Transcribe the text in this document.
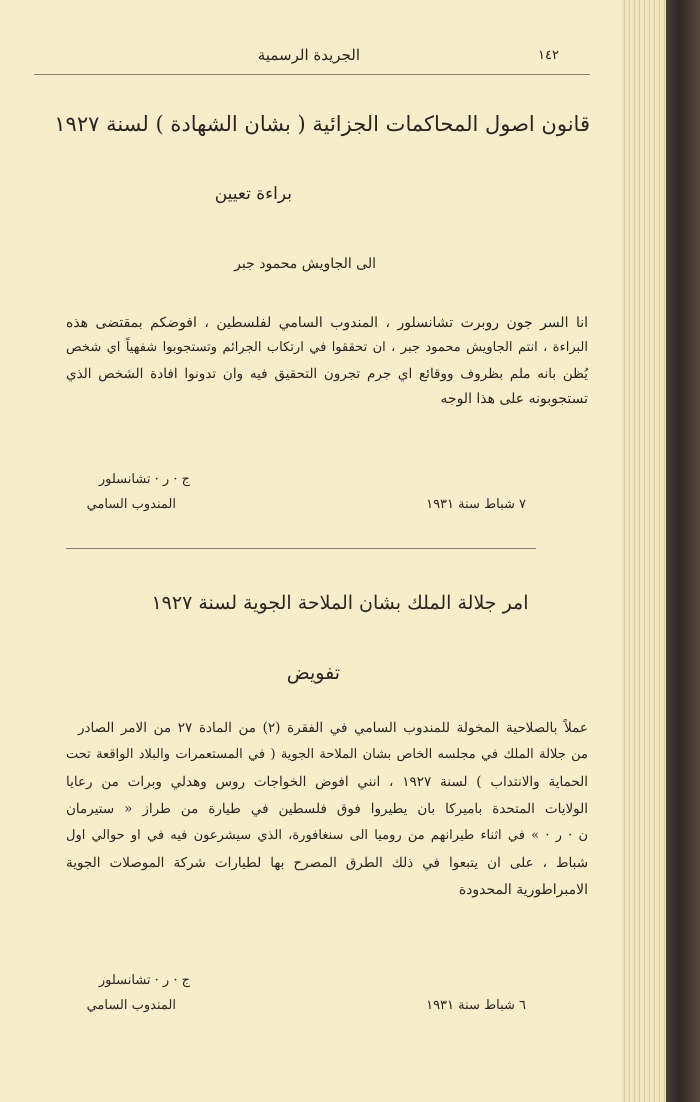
الجريدة الرسمية	١٤٢
قانون اصول المحاكمات الجزائية ( بشان الشهادة ) لسنة ١٩٢٧
براءة تعيين
الى الجاويش محمود جبر
انا السر جون روبرت تشانسلور ، المندوب السامي لفلسطين ، افوضكم بمقتضى هذه
البراءة ، انتم الجاويش محمود جبر ، ان تحققوا في ارتكاب الجرائم وتستجوبوا شفهياً اي شخص
يُظن بانه ملم بظروف ووقائع اي جرم تجرون التحقيق فيه وان تدونوا افادة الشخص الذي
تستجوبونه على هذا الوجه
ج · ر · تشانسلور
المندوب السامي	٧ شباط سنة ١٩٣١
امر جلالة الملك بشان الملاحة الجوية لسنة ١٩٢٧
تفويض
عملاً بالصلاحية المخولة للمندوب السامي في الفقرة (٢) من المادة ٢٧ من الامر الصادر
من جلالة الملك في مجلسه الخاص بشان الملاحة الجوية ( في المستعمرات والبلاد الواقعة تحت
الحماية والانتداب ) لسنة ١٩٢٧ ، انني افوض الخواجات روس وهدلي وبرات من رعايا
الولايات المتحدة باميركا بان يطيروا فوق فلسطين في طيارة من طراز « ستيرمان
ن · ر · » في اثناء طيرانهم من روميا الى سنغافورة، الذي سيشرعون فيه في او حوالي اول
شباط ، على ان يتبعوا في ذلك الطرق المصرح بها لطيارات شركة الموصلات الجوية
الامبراطورية المحدودة
ج · ر · تشانسلور
المندوب السامي	٦ شباط سنة ١٩٣١
